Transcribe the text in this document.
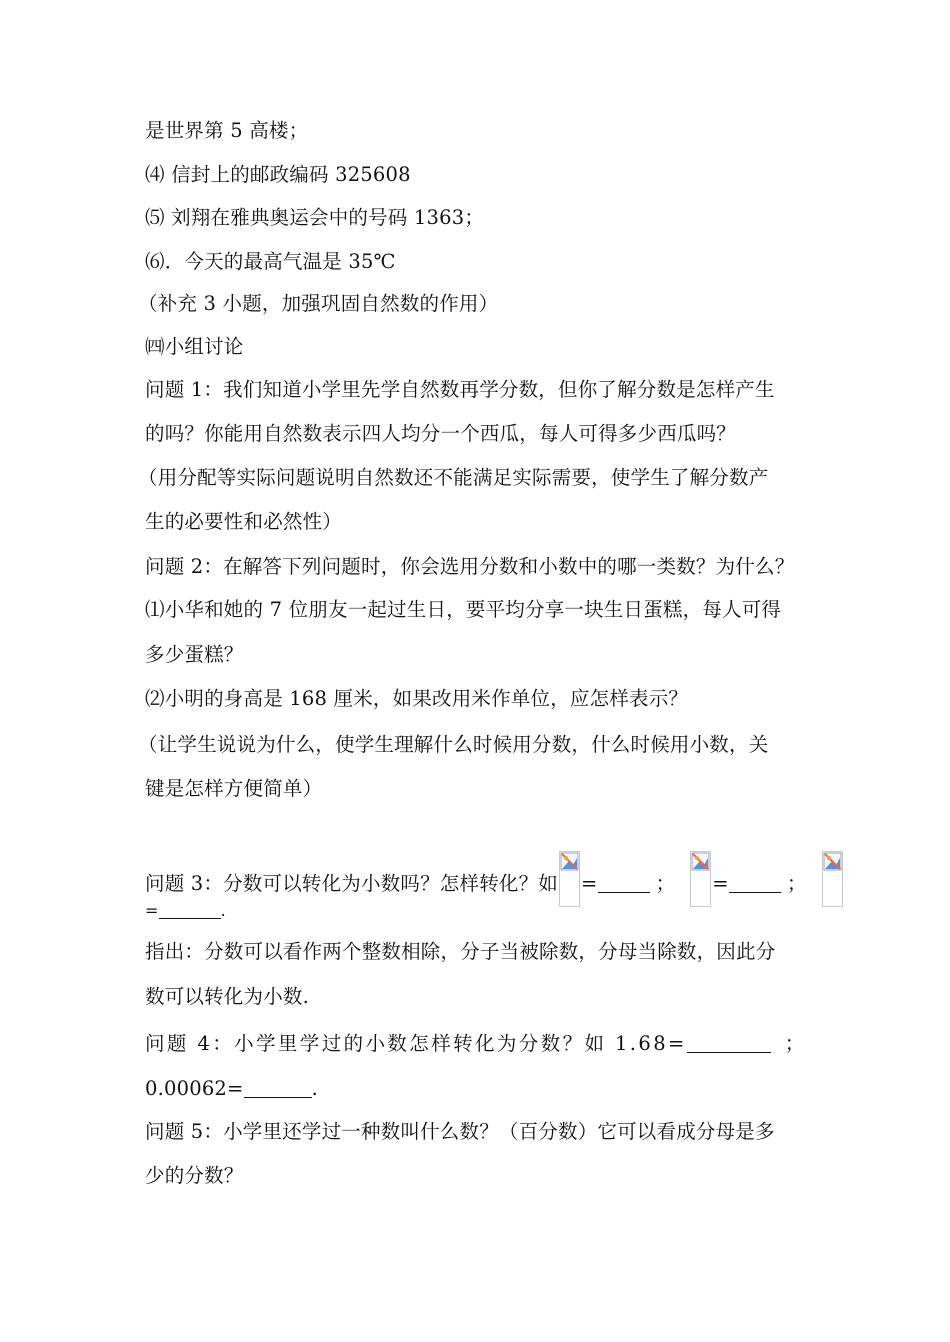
是世界第 5 高楼；
⑷ 信封上的邮政编码 325608
⑸ 刘翔在雅典奥运会中的号码 1363；
⑹．今天的最高气温是 35℃
（补充 3 小题，加强巩固自然数的作用）
㈣小组讨论
问题 1：我们知道小学里先学自然数再学分数，但你了解分数是怎样产生
的吗？你能用自然数表示四人均分一个西瓜，每人可得多少西瓜吗？
（用分配等实际问题说明自然数还不能满足实际需要，使学生了解分数产
生的必要性和必然性）
问题 2：在解答下列问题时，你会选用分数和小数中的哪一类数？为什么？
⑴小华和她的 7 位朋友一起过生日，要平均分享一块生日蛋糕，每人可得
多少蛋糕？
⑵小明的身高是 168 厘米，如果改用米作单位，应怎样表示？
（让学生说说为什么，使学生理解什么时候用分数，什么时候用小数，关
键是怎样方便简单）
问题 3：分数可以转化为小数吗？怎样转化？如 =	； =	；
=	.
指出：分数可以看作两个整数相除，分子当被除数，分母当除数，因此分
数可以转化为小数.
问题 4：小学里学过的小数怎样转化为分数？如 1.68=	；
0.00062=	.
问题 5：小学里还学过一种数叫什么数？（百分数）它可以看成分母是多
少的分数？
